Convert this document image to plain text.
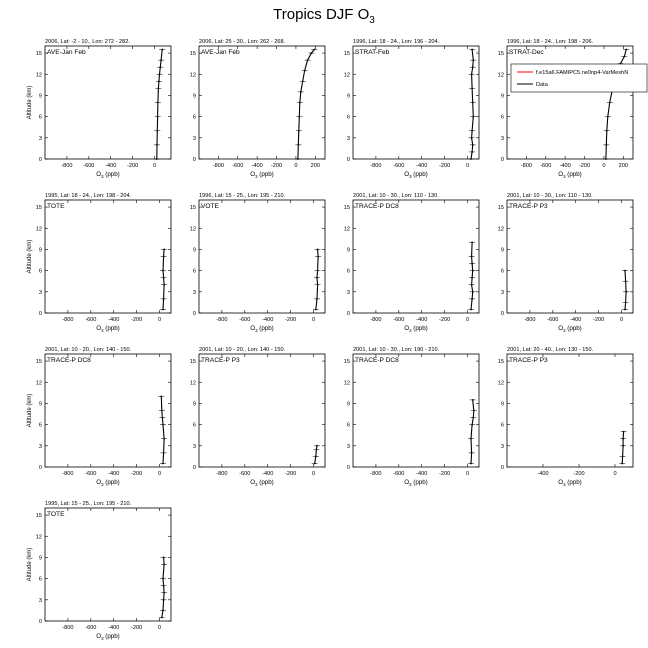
Tropics DJF $O_3$
2006, Lat: -2 - 10., Lon: 272 - 282.
AVE-Jan Feb
0
3
6
9
12
15
-800 -600 -400 -200	0
Altitude (km)
$O_3$ (ppb)
2006, Lat: 25 - 30., Lon: 262 - 268.
AVE-Jan Feb
0
3
6
9
12
15
-800 -600 -400 -200 0 200
$O_3$ (ppb)
1996, Lat: 18 - 24., Lon: 196 - 204.
STRAT-Feb
0
3
6
9
12
15
-800 -600 -400 -200	0
$O_3$ (ppb)
1996, Lat: 18 - 24., Lon: 198 - 206.
STRAT-Dec
0
3
6
9
12
15
-800 -600 -400 -200 0 200
$O_3$ (ppb)
1995, Lat: 18 - 24., Lon: 198 - 204.
TOTE
0
3
6
9
12
15
-800 -600 -400 -200	0
Altitude (km)
$O_3$ (ppb)
1996, Lat: 15 - 25., Lon: 195 - 210.
VOTE
0
3
6
9
12
15
-800 -600 -400 -200	0
$O_3$ (ppb)
2001, Lat: 10 - 30., Lon: 110 - 130.
TRACE-P DC8
0
3
6
9
12
15
-800 -600 -400 -200	0
$O_3$ (ppb)
2001, Lat: 10 - 30., Lon: 110 - 130.
TRACE-P P3
0
3
6
9
12
15
-800 -600 -400 -200	0
$O_3$ (ppb)
2001, Lat: 10 - 20., Lon: 140 - 150.
TRACE-P DC8
0
3
6
9
12
15
-800 -600 -400 -200	0
Altitude (km)
$O_3$ (ppb)
2001, Lat: 10 - 20., Lon: 140 - 150.
TRACE-P P3
0
3
6
9
12
15
-800 -600 -400 -200	0
$O_3$ (ppb)
2001, Lat: 10 - 30., Lon: 190 - 210.
TRACE-P DC8
0
3
6
9
12
15
-800 -600 -400 -200	0
$O_3$ (ppb)
2001, Lat: 20 - 40., Lon: 130 - 150.
TRACE-P P3
0
3
6
9
12
15
-400	-200	0
$O_3$ (ppb)
1995, Lat: 15 - 25., Lon: 195 - 210.
TOTE
0
3
6
9
12
15
-800 -600 -400 -200	0
Altitude (km)
$O_3$ (ppb)
f.e15a6.FAMIPC5.ne0np4-VarMeshN
Data
